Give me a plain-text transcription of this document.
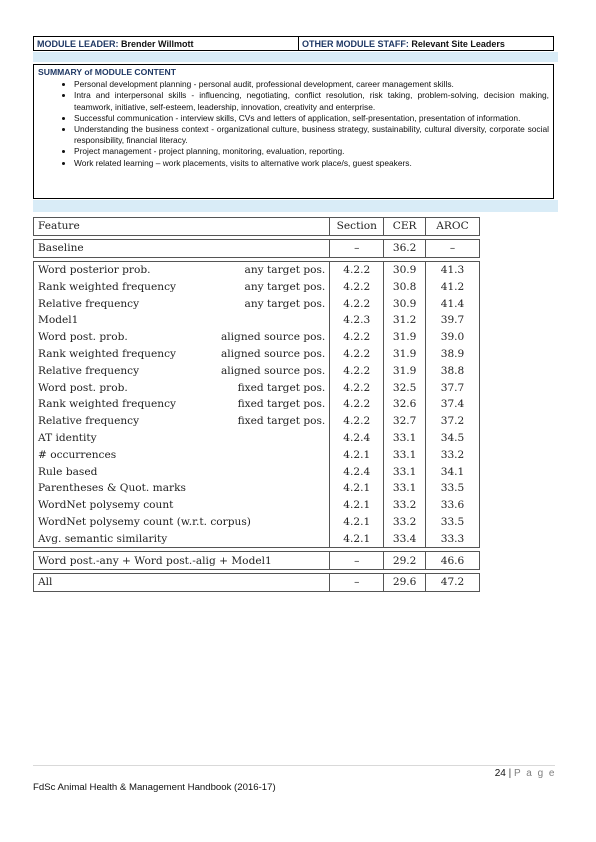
MODULE LEADER: Brender Willmott	OTHER MODULE STAFF: Relevant Site Leaders
SUMMARY of MODULE CONTENT
• Personal development planning - personal audit, professional development, career management skills.
• Intra and interpersonal skills - influencing, negotiating, conflict resolution, risk taking, problem-solving, decision making, teamwork, initiative, self-esteem, leadership, innovation, creativity and enterprise.
• Successful communication - interview skills, CVs and letters of application, self-presentation, presentation of information.
• Understanding the business context - organizational culture, business strategy, sustainability, cultural diversity, corporate social responsibility, financial literacy.
• Project management - project planning, monitoring, evaluation, reporting.
• Work related learning – work placements, visits to alternative work place/s, guest speakers.
Feature	Section	CER	AROC

Baseline	–	36.2	–

Word posterior prob. any target pos.	4.2.2	30.9	41.3

Rank weighted frequency any target pos.	4.2.2	30.8	41.2

Relative frequency any target pos.	4.2.2	30.9	41.4

Model1	4.2.3	31.2	39.7

Word post. prob. aligned source pos.	4.2.2	31.9	39.0

Rank weighted frequency aligned source pos.	4.2.2	31.9	38.9

Relative frequency aligned source pos.	4.2.2	31.9	38.8

Word post. prob. fixed target pos.	4.2.2	32.5	37.7

Rank weighted frequency fixed target pos.	4.2.2	32.6	37.4

Relative frequency fixed target pos.	4.2.2	32.7	37.2

AT identity	4.2.4	33.1	34.5

# occurrences	4.2.1	33.1	33.2

Rule based	4.2.4	33.1	34.1

Parentheses & Quot. marks	4.2.1	33.1	33.5

WordNet polysemy count	4.2.1	33.2	33.6

WordNet polysemy count (w.r.t. corpus)	4.2.1	33.2	33.5

Avg. semantic similarity	4.2.1	33.4	33.3

Word post.-any + Word post.-alig + Model1	–	29.2	46.6

All	–	29.6	47.2
24 | P a g e
FdSc Animal Health & Management Handbook (2016-17)
